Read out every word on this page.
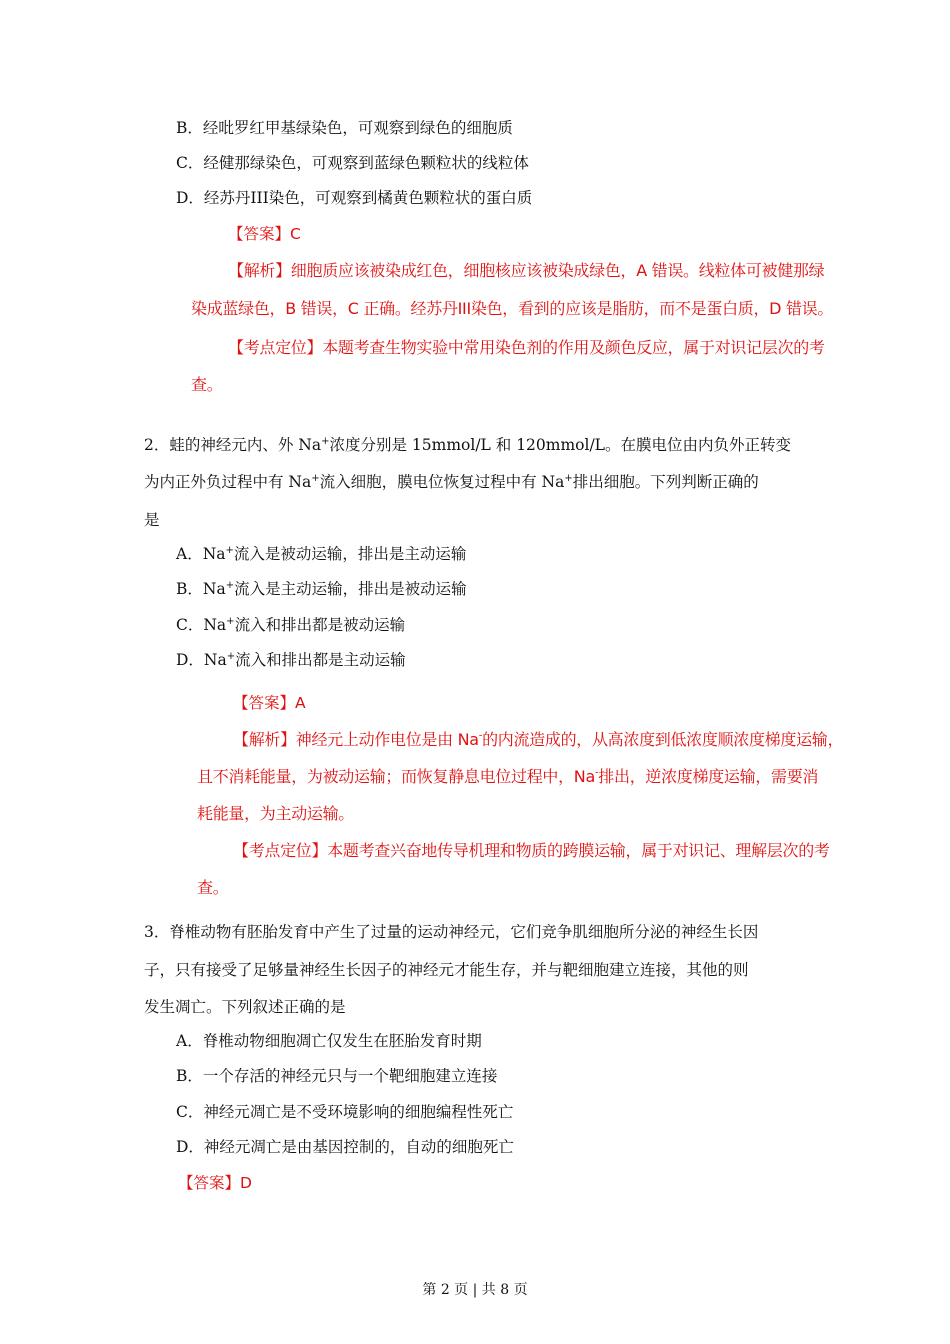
B．经吡罗红甲基绿染色，可观察到绿色的细胞质
C．经健那绿染色，可观察到蓝绿色颗粒状的线粒体
D．经苏丹III染色，可观察到橘黄色颗粒状的蛋白质
【答案】C
【解析】细胞质应该被染成红色，细胞核应该被染成绿色，A 错误。线粒体可被健那绿
染成蓝绿色，B 错误，C 正确。经苏丹III染色，看到的应该是脂肪，而不是蛋白质，D 错误。
【考点定位】本题考查生物实验中常用染色剂的作用及颜色反应，属于对识记层次的考
查。
2．蛙的神经元内、外 Na+浓度分别是 15mmol/L 和 120mmol/L。在膜电位由内负外正转变
为内正外负过程中有 Na+流入细胞，膜电位恢复过程中有 Na+排出细胞。下列判断正确的
是
A．Na+流入是被动运输，排出是主动运输
B．Na+流入是主动运输，排出是被动运输
C．Na+流入和排出都是被动运输
D．Na+流入和排出都是主动运输
【答案】A
【解析】神经元上动作电位是由 Na-的内流造成的，从高浓度到低浓度顺浓度梯度运输，
且不消耗能量，为被动运输；而恢复静息电位过程中，Na-排出，逆浓度梯度运输，需要消
耗能量，为主动运输。
【考点定位】本题考查兴奋地传导机理和物质的跨膜运输，属于对识记、理解层次的考
查。
3．脊椎动物有胚胎发育中产生了过量的运动神经元，它们竞争肌细胞所分泌的神经生长因
子，只有接受了足够量神经生长因子的神经元才能生存，并与靶细胞建立连接，其他的则
发生凋亡。下列叙述正确的是
A．脊椎动物细胞凋亡仅发生在胚胎发育时期
B．一个存活的神经元只与一个靶细胞建立连接
C．神经元凋亡是不受环境影响的细胞编程性死亡
D．神经元凋亡是由基因控制的，自动的细胞死亡
【答案】D
第 2 页 | 共 8 页
